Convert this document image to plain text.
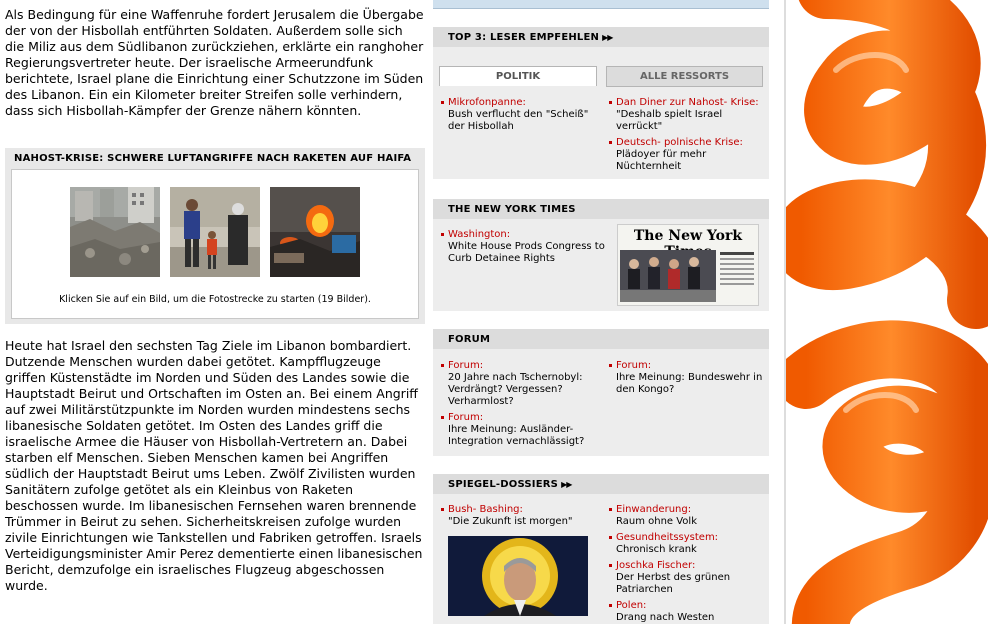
Als Bedingung für eine Waffenruhe fordert Jerusalem die Übergabe der von der Hisbollah entführten Soldaten. Außerdem solle sich die Miliz aus dem Südlibanon zurückziehen, erklärte ein ranghoher Regierungsvertreter heute. Der israelische Armeerundfunk berichtete, Israel plane die Einrichtung einer Schutzzone im Süden des Libanon. Ein ein Kilometer breiter Streifen solle verhindern, dass sich Hisbollah-Kämpfer der Grenze nähern könnten.

NAHOST-KRISE: SCHWERE LUFTANGRIFFE NACH RAKETEN AUF HAIFA
Klicken Sie auf ein Bild, um die Fotostrecke zu starten (19 Bilder).

Heute hat Israel den sechsten Tag Ziele im Libanon bombardiert. Dutzende Menschen wurden dabei getötet. Kampfflugzeuge griffen Küstenstädte im Norden und Süden des Landes sowie die Hauptstadt Beirut und Ortschaften im Osten an. Bei einem Angriff auf zwei Militärstützpunkte im Norden wurden mindestens sechs libanesische Soldaten getötet. Im Osten des Landes griff die israelische Armee die Häuser von Hisbollah-Vertretern an. Dabei starben elf Menschen. Sieben Menschen kamen bei Angriffen südlich der Hauptstadt Beirut ums Leben. Zwölf Zivilisten wurden Sanitätern zufolge getötet als ein Kleinbus von Raketen beschossen wurde. Im libanesischen Fernsehen waren brennende Trümmer in Beirut zu sehen. Sicherheitskreisen zufolge wurden zivile Einrichtungen wie Tankstellen und Fabriken getroffen. Israels Verteidigungsminister Amir Perez dementierte einen libanesischen Bericht, demzufolge ein israelisches Flugzeug abgeschossen wurde.

TOP 3: LESER EMPFEHLEN ▶▶
POLITIK	ALLE RESSORTS
Mikrofonpanne:
Bush verflucht den "Scheiß" der Hisbollah
Dan Diner zur Nahost- Krise:
"Deshalb spielt Israel verrückt"
Deutsch- polnische Krise:
Plädoyer für mehr Nüchternheit
THE NEW YORK TIMES
Washington:
White House Prods Congress to Curb Detainee Rights
The New York
FORUM
Forum:
20 Jahre nach Tschernobyl: Verdrängt? Vergessen? Verharmlost?
Forum:
Ihre Meinung: Bundeswehr in den Kongo?
Forum:
Ihre Meinung: Ausländer-Integration vernachlässigt?
SPIEGEL-DOSSIERS ▶▶
Bush- Bashing:
"Die Zukunft ist morgen"
Einwanderung:
Raum ohne Volk
Gesundheitssystem:
Chronisch krank
Joschka Fischer:
Der Herbst des grünen Patriarchen
Polen:
Drang nach Westen
